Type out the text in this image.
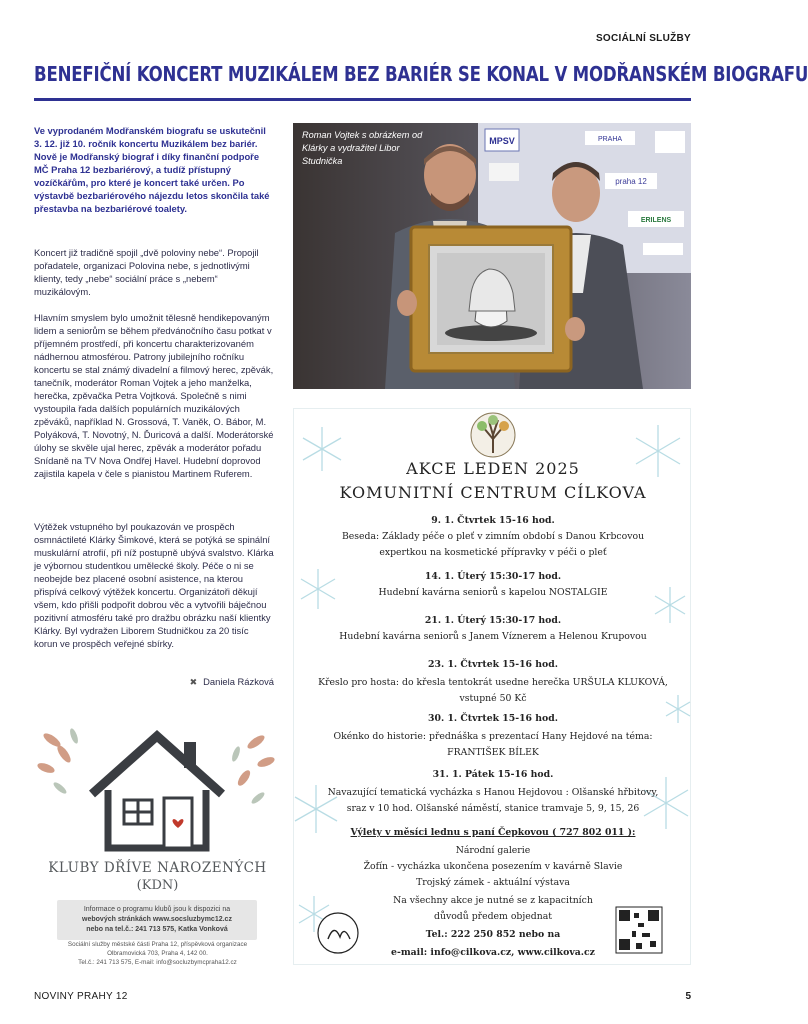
SOCIÁLNÍ SLUŽBY
BENEFIČNÍ KONCERT MUZIKÁLEM BEZ BARIÉR SE KONAL V MODŘANSKÉM BIOGRAFU
Ve vyprodaném Modřanském biografu se uskutečnil 3. 12. již 10. ročník koncertu Muzikálem bez bariér. Nově je Modřanský biograf i díky finanční podpoře MČ Praha 12 bezbariérový, a tudíž přístupný vozíčkářům, pro které je koncert také určen. Po výstavbě bezbariérového nájezdu letos skončila také přestavba na bezbariérové toalety.
Koncert již tradičně spojil „dvě poloviny nebe“. Propojil pořadatele, organizaci Polovina nebe, s jednotlivými klienty, tedy „nebe“ sociální práce s „nebem“ muzikálovým.
Hlavním smyslem bylo umožnit tělesně hendikepovaným lidem a seniorům se během předvánočního času potkat v příjemném prostředí, při koncertu charakterizovaném nádhernou atmosférou. Patrony jubilejního ročníku koncertu se stal známý divadelní a filmový herec, zpěvák, tanečník, moderátor Roman Vojtek a jeho manželka, herečka, zpěvačka Petra Vojtková. Společně s nimi vystoupila řada dalších populárních muzikálových zpěváků, například N. Grossová, T. Vaněk, O. Bábor, M. Polyáková, T. Novotný, N. Ďuricová a další. Moderátorské úlohy se skvěle ujal herec, zpěvák a moderátor pořadu Snídaně na TV Nova Ondřej Havel. Hudební doprovod zajistila kapela v čele s pianistou Martinem Ruferem.
Výtěžek vstupného byl poukazován ve prospěch osmnáctileté Klárky Šimkové, která se potýká se spinální muskulární atrofií, při níž postupně ubývá svalstvo. Klárka je výbornou studentkou umělecké školy. Péče o ni se neobejde bez placené osobní asistence, na kterou přispívá celkový výtěžek koncertu. Organizátoři děkují všem, kdo přišli podpořit dobrou věc a vytvořili báječnou pozitivní atmosféru také pro dražbu obrázku naší klientky Klárky. Byl vydražen Liborem Studničkou za 20 tisíc korun ve prospěch veřejné sbírky.
✖ Daniela Rázková
MPSV	PRAHA
praha 12
ERILENS
Roman Vojtek s obrázkem od Klárky a vydražitel Libor Studnička
AKCE LEDEN 2025
KOMUNITNÍ CENTRUM CÍLKOVA
9. 1. Čtvrtek 15-16 hod.
Beseda: Základy péče o pleť v zimním období s Danou Krbcovou
expertkou na kosmetické přípravky v péči o pleť
14. 1. Úterý 15:30-17 hod.
Hudební kavárna seniorů s kapelou NOSTALGIE
21. 1. Úterý 15:30-17 hod.
Hudební kavárna seniorů s Janem Víznerem a Helenou Krupovou
23. 1. Čtvrtek 15-16 hod.
Křeslo pro hosta: do křesla tentokrát usedne herečka URŠULA KLUKOVÁ,
vstupné 50 Kč
30. 1. Čtvrtek 15-16 hod.
Okénko do historie: přednáška s prezentací Hany Hejdové na téma:
FRANTIŠEK BÍLEK
31. 1. Pátek 15-16 hod.
Navazující tematická vycházka s Hanou Hejdovou : Olšanské hřbitovy,
sraz v 10 hod. Olšanské náměstí, stanice tramvaje 5, 9, 15, 26
Výlety v měsíci lednu s paní Čepkovou ( 727 802 011 ):
Národní galerie
Žofín - vycházka ukončena posezením v kavárně Slavie
Trojský zámek - aktuální výstava
Na všechny akce je nutné se z kapacitních
důvodů předem objednat
Tel.: 222 250 852 nebo na
e-mail: info@cilkova.cz, www.cilkova.cz
KLUBY DŘÍVE NAROZENÝCH
(KDN)
Informace o programu klubů jsou k dispozici na
webových stránkách www.socsluzbymc12.cz
nebo na tel.č.: 241 713 575, Katka Vonková
Sociální služby městské části Praha 12, příspěvková organizace
Olbramovická 703, Praha 4, 142 00.
Tel.č.: 241 713 575, E-mail: info@socluzbymcpraha12.cz
NOVINY PRAHY 12	5
